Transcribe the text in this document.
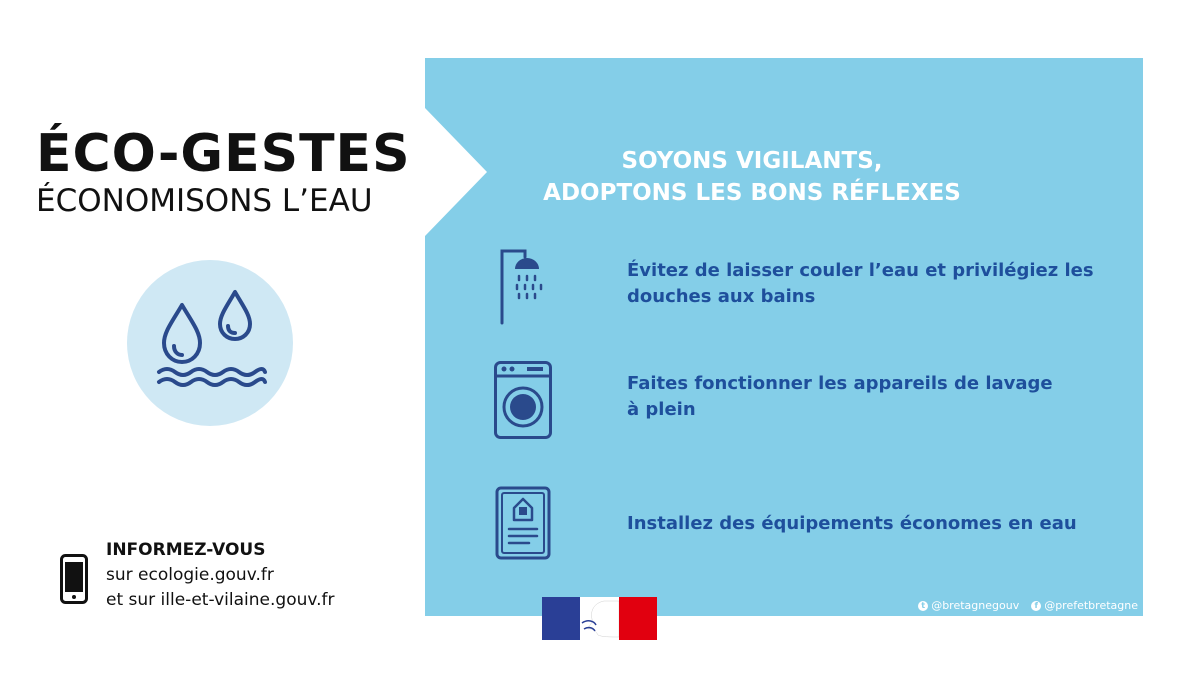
ÉCO-GESTES
ÉCONOMISONS L’EAU
SOYONS VIGILANTS,
ADOPTONS LES BONS RÉFLEXES
Évitez de laisser couler l’eau et privilégiez les
douches aux bains
Faites fonctionner les appareils de lavage
à plein
Installez des équipements économes en eau
t @bretagnegouv	f @prefetbretagne
INFORMEZ-VOUS
sur ecologie.gouv.fr
et sur ille-et-vilaine.gouv.fr
